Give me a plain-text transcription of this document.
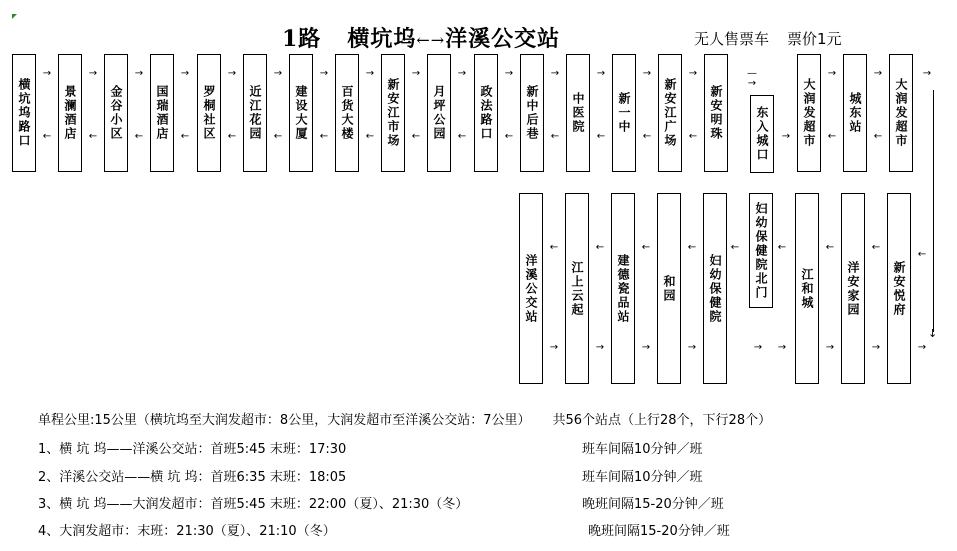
1路 横坑坞←→洋溪公交站	无人售票车 票价1元
横坑坞路口
→
← 景澜酒店
→
← 金谷小区
→
← 国瑞酒店
→
← 罗桐社区
→
← 近江花园
→
← 建设大厦
→
← 百货大楼
→
← 新安江市场
→
← 月坪公园
→
← 政法路口
→
← 新中后巷
→
←
中医院
→
←
新一中
→
← 新安江广场
→
← 新安明珠	东入城口	大润发超市
→
←
城东站
→
← 大润发超市
—→
→
→
洋溪公交站
←
→
江上云起
←
→
建德瓷品站
←
→
和园
←
→
妇幼保健院	妇幼保健院北门	江和城
←
→
洋安家园
←
→
新安悦府
←
→
←
→
←
→
↓
单程公里:15公里（横坑坞至大润发超市：8公里，大润发超市至洋溪公交站：7公里） 共56个站点（上行28个，下行28个）
1、横 坑 坞——洋溪公交站：首班5:45 末班：17:30	班车间隔10分钟／班
2、洋溪公交站——横 坑 坞：首班6:35 末班：18:05	班车间隔10分钟／班
3、横 坑 坞——大润发超市：首班5:45 末班：22:00（夏）、21:30（冬）	晚班间隔15-20分钟／班
4、大润发超市：末班：21:30（夏）、21:10（冬）	晚班间隔15-20分钟／班
